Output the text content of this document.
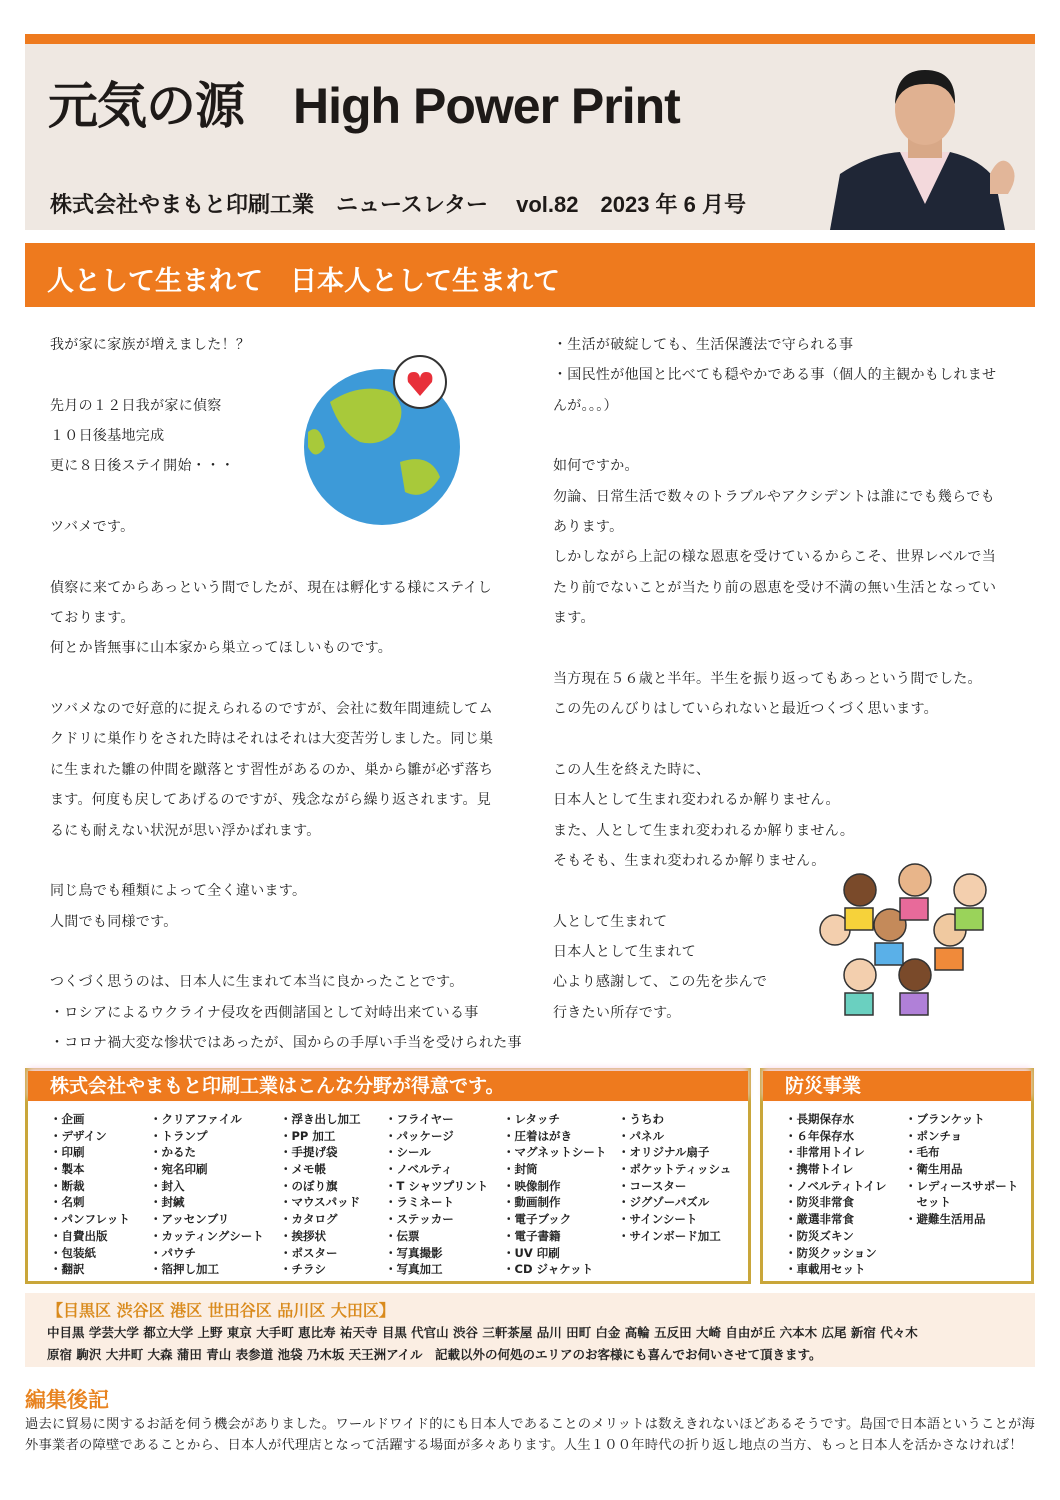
元気の源　High Power Print
株式会社やまもと印刷工業　ニュースレター　 vol.82　2023 年 6 月号
人として生まれて　日本人として生まれて
我が家に家族が増えました！？
先月の１２日我が家に偵察
１０日後基地完成
更に８日後ステイ開始・・・
ツバメです。
偵察に来てからあっという間でしたが、現在は孵化する様にステイし
ております。
何とか皆無事に山本家から巣立ってほしいものです。
ツバメなので好意的に捉えられるのですが、会社に数年間連続してム
クドリに巣作りをされた時はそれはそれは大変苦労しました。同じ巣
に生まれた雛の仲間を蹴落とす習性があるのか、巣から雛が必ず落ち
ます。何度も戻してあげるのですが、残念ながら繰り返されます。見
るにも耐えない状況が思い浮かばれます。
同じ鳥でも種類によって全く違います。
人間でも同様です。
つくづく思うのは、日本人に生まれて本当に良かったことです。
・ロシアによるウクライナ侵攻を西側諸国として対峙出来ている事
・コロナ禍大変な惨状ではあったが、国からの手厚い手当を受けられた事
・生活が破綻しても、生活保護法で守られる事
・国民性が他国と比べても穏やかである事（個人的主観かもしれませ
んが。。。）
如何ですか。
勿論、日常生活で数々のトラブルやアクシデントは誰にでも幾らでも
あります。
しかしながら上記の様な恩恵を受けているからこそ、世界レベルで当
たり前でないことが当たり前の恩恵を受け不満の無い生活となってい
ます。
当方現在５６歳と半年。半生を振り返ってもあっという間でした。
この先のんびりはしていられないと最近つくづく思います。
この人生を終えた時に、
日本人として生まれ変われるか解りません。
また、人として生まれ変われるか解りません。
そもそも、生まれ変われるか解りません。
人として生まれて
日本人として生まれて
心より感謝して、この先を歩んで
行きたい所存です。
株式会社やまもと印刷工業はこんな分野が得意です。
・企画
・デザイン
・印刷
・製本
・断裁
・名刺
・パンフレット
・自費出版
・包装紙
・翻訳
・クリアファイル
・トランプ
・かるた
・宛名印刷
・封入
・封緘
・アッセンブリ
・カッティングシート
・パウチ
・箔押し加工
・浮き出し加工
・PP 加工
・手提げ袋
・メモ帳
・のぼり旗
・マウスパッド
・カタログ
・挨拶状
・ポスター
・チラシ
・フライヤー
・パッケージ
・シール
・ノベルティ
・T シャツプリント
・ラミネート
・ステッカー
・伝票
・写真撮影
・写真加工
・レタッチ
・圧着はがき
・マグネットシート
・封筒
・映像制作
・動画制作
・電子ブック
・電子書籍
・UV 印刷
・CD ジャケット
・うちわ
・パネル
・オリジナル扇子
・ポケットティッシュ
・コースター
・ジグゾーパズル
・サインシート
・サインボード加工
防災事業
・長期保存水
・６年保存水
・非常用トイレ
・携帯トイレ
・ノベルティトイレ
・防災非常食
・厳選非常食
・防災ズキン
・防災クッション
・車載用セット
・ブランケット
・ポンチョ
・毛布
・衛生用品
・レディースサポート
　セット
・避難生活用品
【目黒区 渋谷区 港区 世田谷区 品川区 大田区】
中目黒 学芸大学 都立大学 上野 東京 大手町 恵比寿 祐天寺 目黒 代官山 渋谷 三軒茶屋 品川 田町 白金 高輪 五反田 大崎 自由が丘 六本木 広尾 新宿 代々木
原宿 駒沢 大井町 大森 蒲田 青山 表参道 池袋 乃木坂 天王洲アイル　記載以外の何処のエリアのお客様にも喜んでお伺いさせて頂きます。
編集後記
過去に貿易に関するお話を伺う機会がありました。ワールドワイド的にも日本人であることのメリットは数えきれないほどあるそうです。島国で日本語ということが海外事業者の障壁であることから、日本人が代理店となって活躍する場面が多々あります。人生１００年時代の折り返し地点の当方、もっと日本人を活かさなければ！
